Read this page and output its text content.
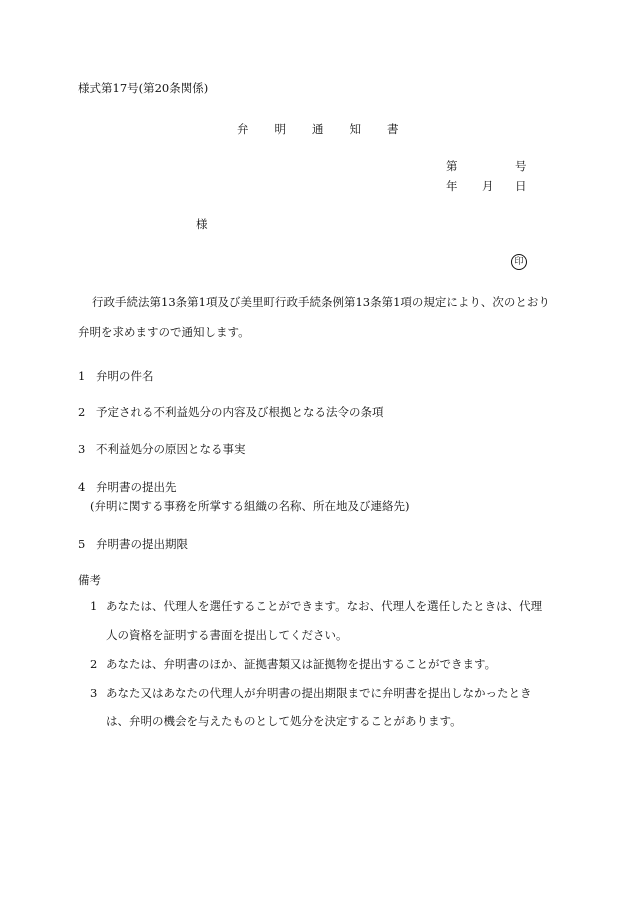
様式第17号(第20条関係)
弁 明 通 知 書
第	号
年 月 日
様
印
行政手続法第13条第1項及び美里町行政手続条例第13条第1項の規定により、次のとおり
弁明を求めますので通知します。
1 弁明の件名
2 予定される不利益処分の内容及び根拠となる法令の条項
3 不利益処分の原因となる事実
4 弁明書の提出先
(弁明に関する事務を所掌する組織の名称、所在地及び連絡先)
5 弁明書の提出期限
備考
1 あなたは、代理人を選任することができます。なお、代理人を選任したときは、代理
人の資格を証明する書面を提出してください。
2 あなたは、弁明書のほか、証拠書類又は証拠物を提出することができます。
3 あなた又はあなたの代理人が弁明書の提出期限までに弁明書を提出しなかったとき
は、弁明の機会を与えたものとして処分を決定することがあります。
